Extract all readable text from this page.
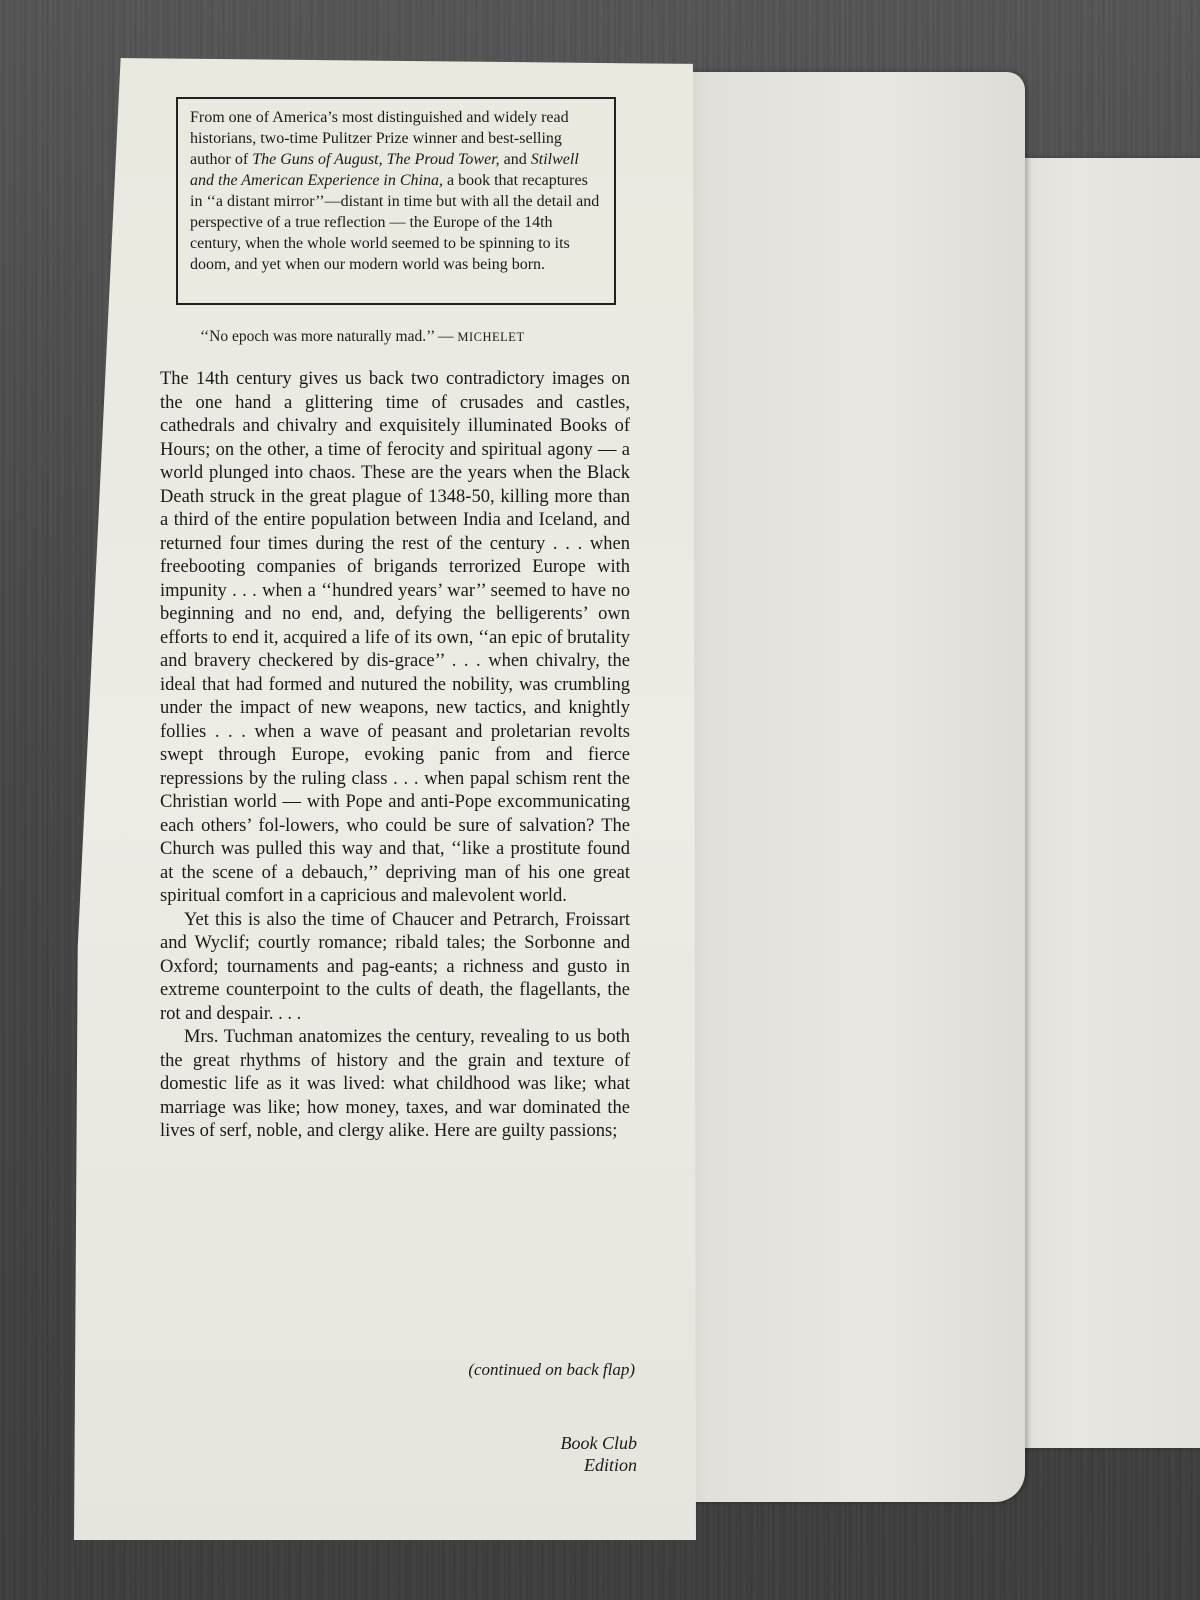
From one of America’s most distinguished and widely read historians, two-time Pulitzer Prize winner and best-selling author of The Guns of August, The Proud Tower, and Stilwell and the American Experience in China, a book that recaptures in ‘‘a distant mirror’’—distant in time but with all the detail and perspective of a true reflection — the Europe of the 14th century, when the whole world seemed to be spinning to its doom, and yet when our modern world was being born.
‘‘No epoch was more naturally mad.’’ — MICHELET

The 14th century gives us back two contradictory images on the one hand a glittering time of crusades and castles, cathedrals and chivalry and exquisitely illuminated Books of Hours; on the other, a time of ferocity and spiritual agony — a world plunged into chaos. These are the years when the Black Death struck in the great plague of 1348-50, killing more than a third of the entire population between India and Iceland, and returned four times during the rest of the century . . . when freebooting companies of brigands terrorized Europe with impunity . . . when a ‘‘hundred years’ war’’ seemed to have no beginning and no end, and, defying the belligerents’ own efforts to end it, acquired a life of its own, ‘‘an epic of brutality and bravery checkered by dis-grace’’ . . . when chivalry, the ideal that had formed and nutured the nobility, was crumbling under the impact of new weapons, new tactics, and knightly follies . . . when a wave of peasant and proletarian revolts swept through Europe, evoking panic from and fierce repressions by the ruling class . . . when papal schism rent the Christian world — with Pope and anti-Pope excommunicating each others’ fol-lowers, who could be sure of salvation? The Church was pulled this way and that, ‘‘like a prostitute found at the scene of a debauch,’’ depriving man of his one great spiritual comfort in a capricious and malevolent world.

Yet this is also the time of Chaucer and Petrarch, Froissart and Wyclif; courtly romance; ribald tales; the Sorbonne and Oxford; tournaments and pag-eants; a richness and gusto in extreme counterpoint to the cults of death, the flagellants, the rot and despair. . . .

Mrs. Tuchman anatomizes the century, revealing to us both the great rhythms of history and the grain and texture of domestic life as it was lived: what childhood was like; what marriage was like; how money, taxes, and war dominated the lives of serf, noble, and clergy alike. Here are guilty passions;

(continued on back flap)
Book Club
Edition
